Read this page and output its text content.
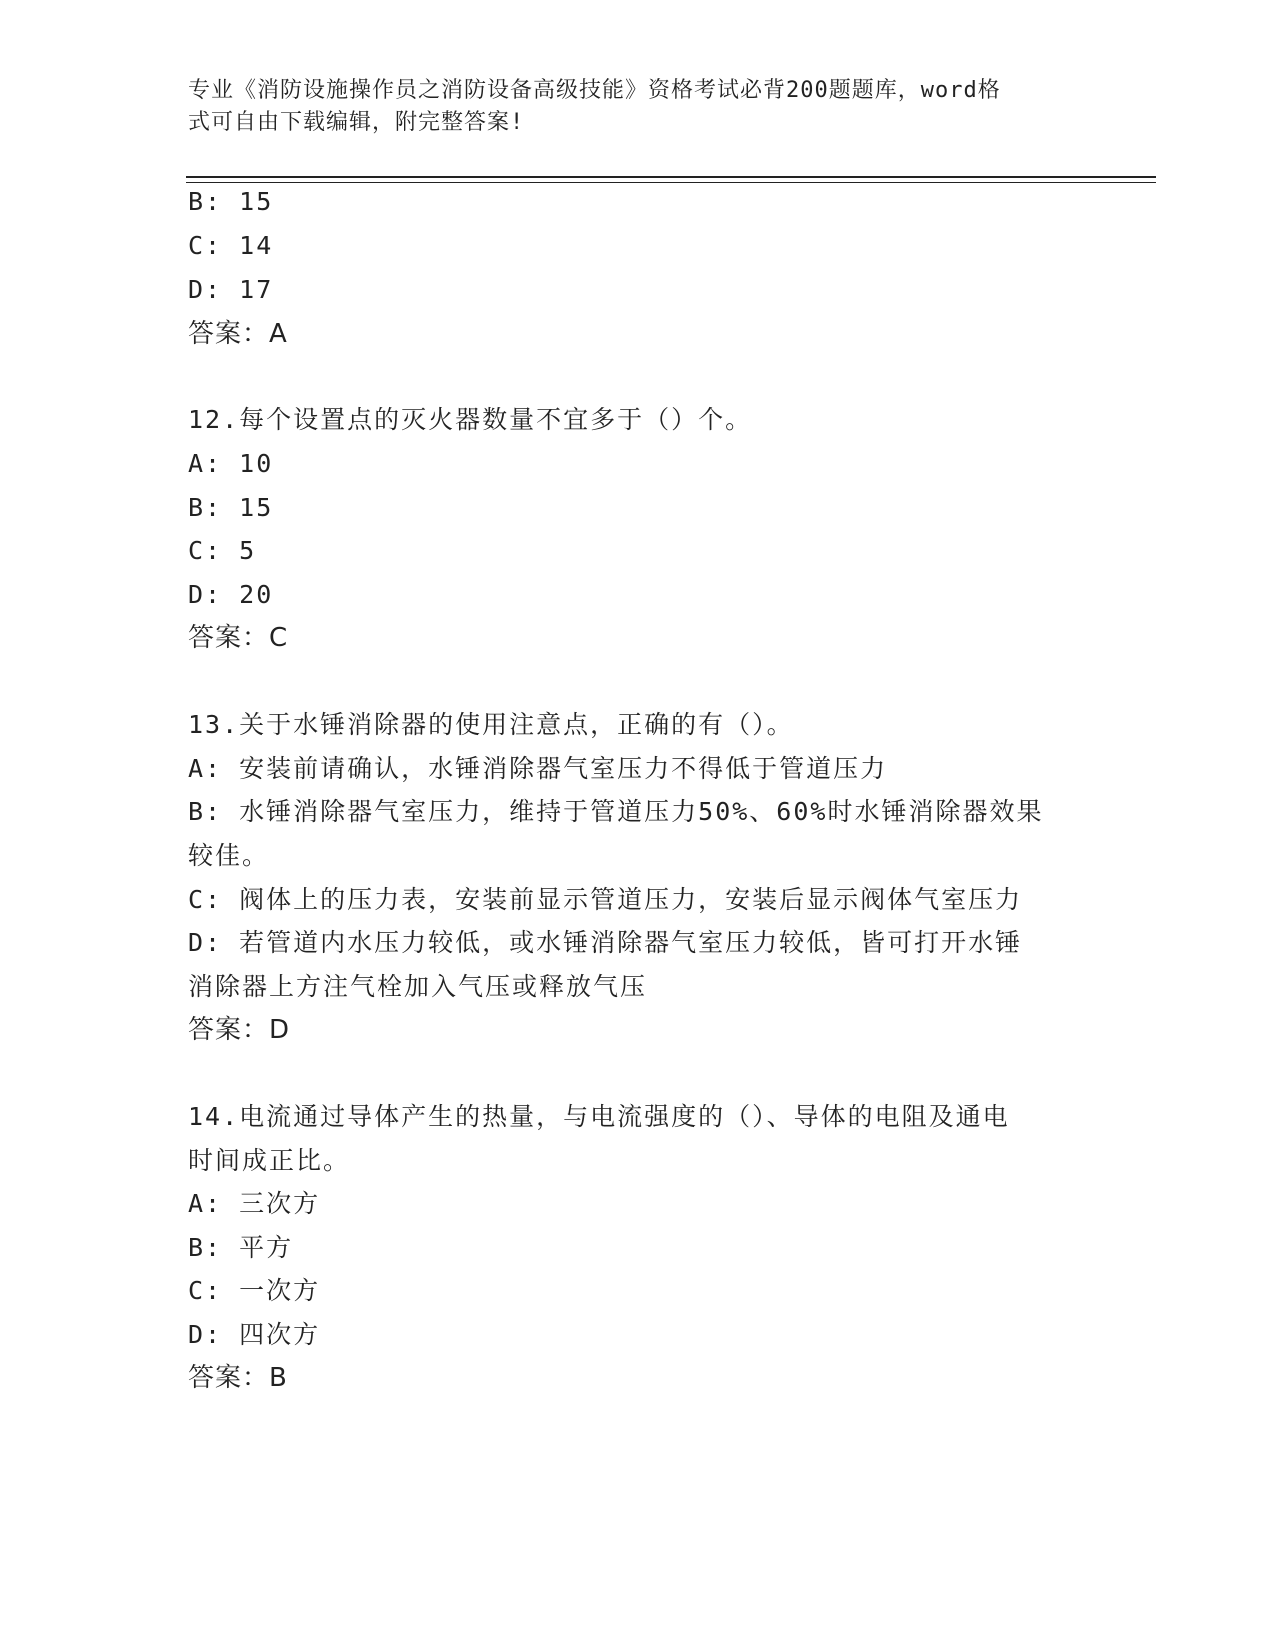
专业《消防设施操作员之消防设备高级技能》资格考试必背200题题库，word格
式可自由下载编辑，附完整答案!
B: 15
C: 14
D: 17
答案：A
12.每个设置点的灭火器数量不宜多于（）个。
A: 10
B: 15
C: 5
D: 20
答案：C
13.关于水锤消除器的使用注意点，正确的有（）。
A: 安装前请确认，水锤消除器气室压力不得低于管道压力
B: 水锤消除器气室压力，维持于管道压力50%、60%时水锤消除器效果
较佳。
C: 阀体上的压力表，安装前显示管道压力，安装后显示阀体气室压力
D: 若管道内水压力较低，或水锤消除器气室压力较低，皆可打开水锤
消除器上方注气栓加入气压或释放气压
答案：D
14.电流通过导体产生的热量，与电流强度的（）、导体的电阻及通电
时间成正比。
A: 三次方
B: 平方
C: 一次方
D: 四次方
答案：B
